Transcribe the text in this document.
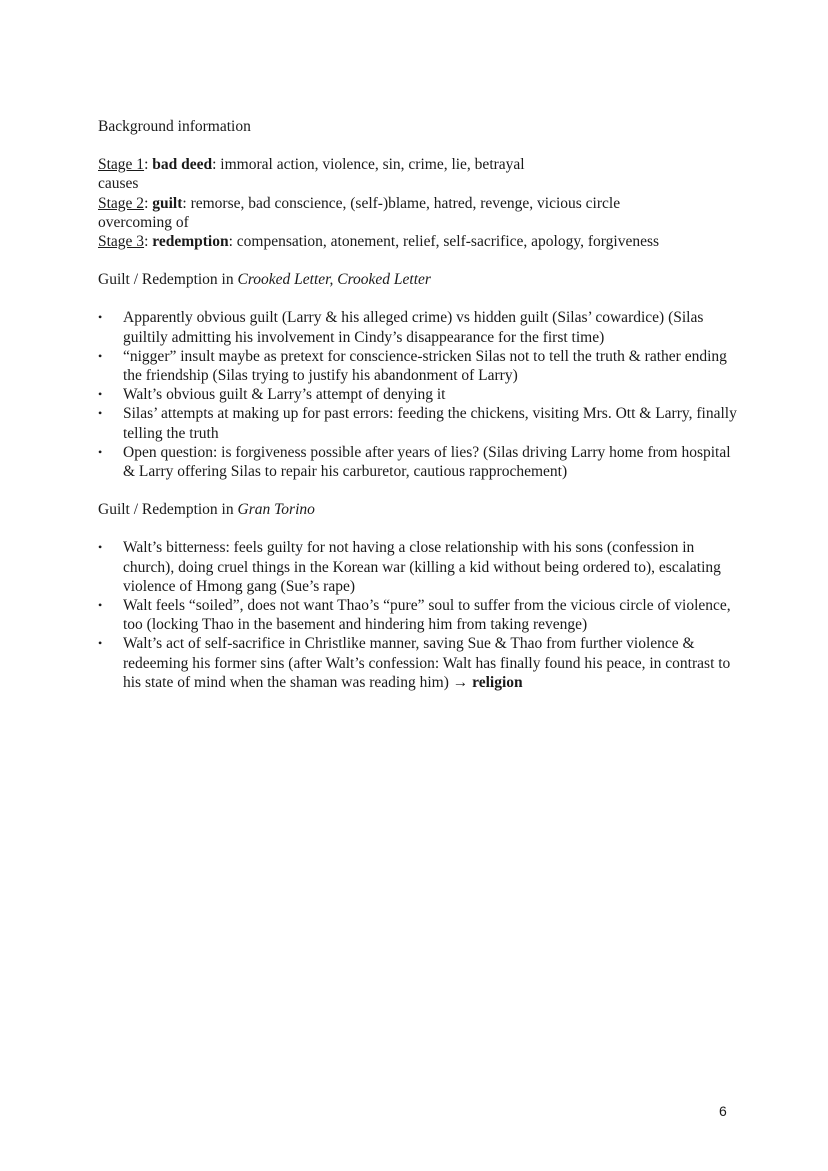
Background information

Stage 1: bad deed: immoral action, violence, sin, crime, lie, betrayal

causes

Stage 2: guilt: remorse, bad conscience, (self-)blame, hatred, revenge, vicious circle

overcoming of

Stage 3: redemption: compensation, atonement, relief, self-sacrifice, apology, forgiveness

Guilt / Redemption in Crooked Letter, Crooked Letter

• Apparently obvious guilt (Larry & his alleged crime) vs hidden guilt (Silas’ cowardice) (Silas guiltily admitting his involvement in Cindy’s disappearance for the first time)
• “nigger” insult maybe as pretext for conscience-stricken Silas not to tell the truth & rather ending the friendship (Silas trying to justify his abandonment of Larry)
• Walt’s obvious guilt & Larry’s attempt of denying it
• Silas’ attempts at making up for past errors: feeding the chickens, visiting Mrs. Ott & Larry, finally telling the truth
• Open question: is forgiveness possible after years of lies? (Silas driving Larry home from hospital & Larry offering Silas to repair his carburetor, cautious rapprochement)

Guilt / Redemption in Gran Torino

• Walt’s bitterness: feels guilty for not having a close relationship with his sons (confession in church), doing cruel things in the Korean war (killing a kid without being ordered to), escalating violence of Hmong gang (Sue’s rape)
• Walt feels “soiled”, does not want Thao’s “pure” soul to suffer from the vicious circle of violence, too (locking Thao in the basement and hindering him from taking revenge)
• Walt’s act of self-sacrifice in Christlike manner, saving Sue & Thao from further violence & redeeming his former sins (after Walt’s confession: Walt has finally found his peace, in contrast to his state of mind when the shaman was reading him) → religion
6
